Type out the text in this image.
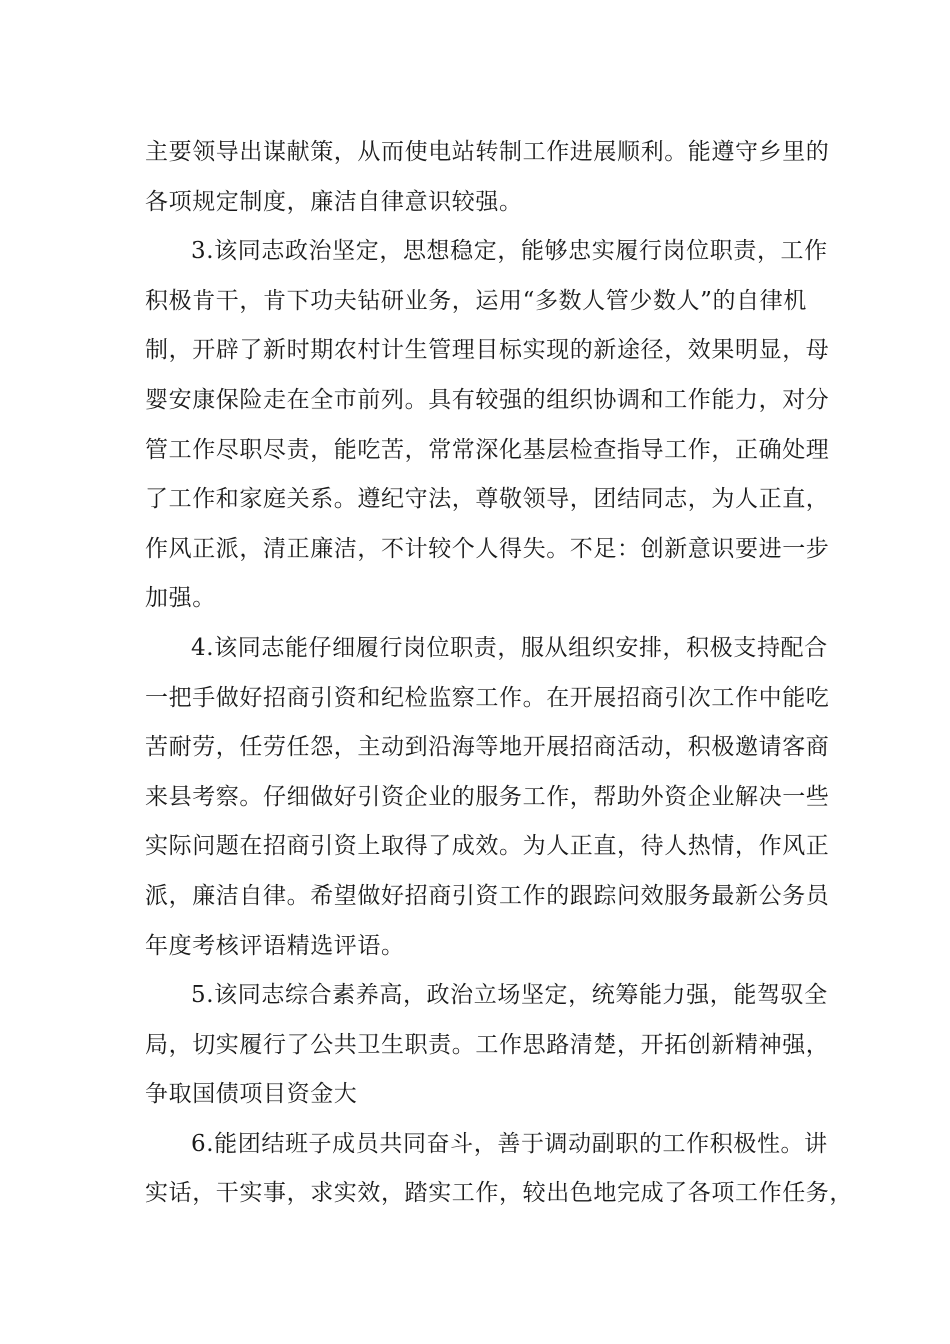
主要领导出谋献策，从而使电站转制工作进展顺利。能遵守乡里的
各项规定制度，廉洁自律意识较强。
3.该同志政治坚定，思想稳定，能够忠实履行岗位职责，工作
积极肯干，肯下功夫钻研业务，运用“多数人管少数人”的自律机
制，开辟了新时期农村计生管理目标实现的新途径，效果明显，母
婴安康保险走在全市前列。具有较强的组织协调和工作能力，对分
管工作尽职尽责，能吃苦，常常深化基层检查指导工作，正确处理
了工作和家庭关系。遵纪守法，尊敬领导，团结同志，为人正直，
作风正派，清正廉洁，不计较个人得失。不足：创新意识要进一步
加强。
4.该同志能仔细履行岗位职责，服从组织安排，积极支持配合
一把手做好招商引资和纪检监察工作。在开展招商引次工作中能吃
苦耐劳，任劳任怨，主动到沿海等地开展招商活动，积极邀请客商
来县考察。仔细做好引资企业的服务工作，帮助外资企业解决一些
实际问题在招商引资上取得了成效。为人正直，待人热情，作风正
派，廉洁自律。希望做好招商引资工作的跟踪问效服务最新公务员
年度考核评语精选评语。
5.该同志综合素养高，政治立场坚定，统筹能力强，能驾驭全
局，切实履行了公共卫生职责。工作思路清楚，开拓创新精神强，
争取国债项目资金大
6.能团结班子成员共同奋斗，善于调动副职的工作积极性。讲
实话，干实事，求实效，踏实工作，较出色地完成了各项工作任务，
